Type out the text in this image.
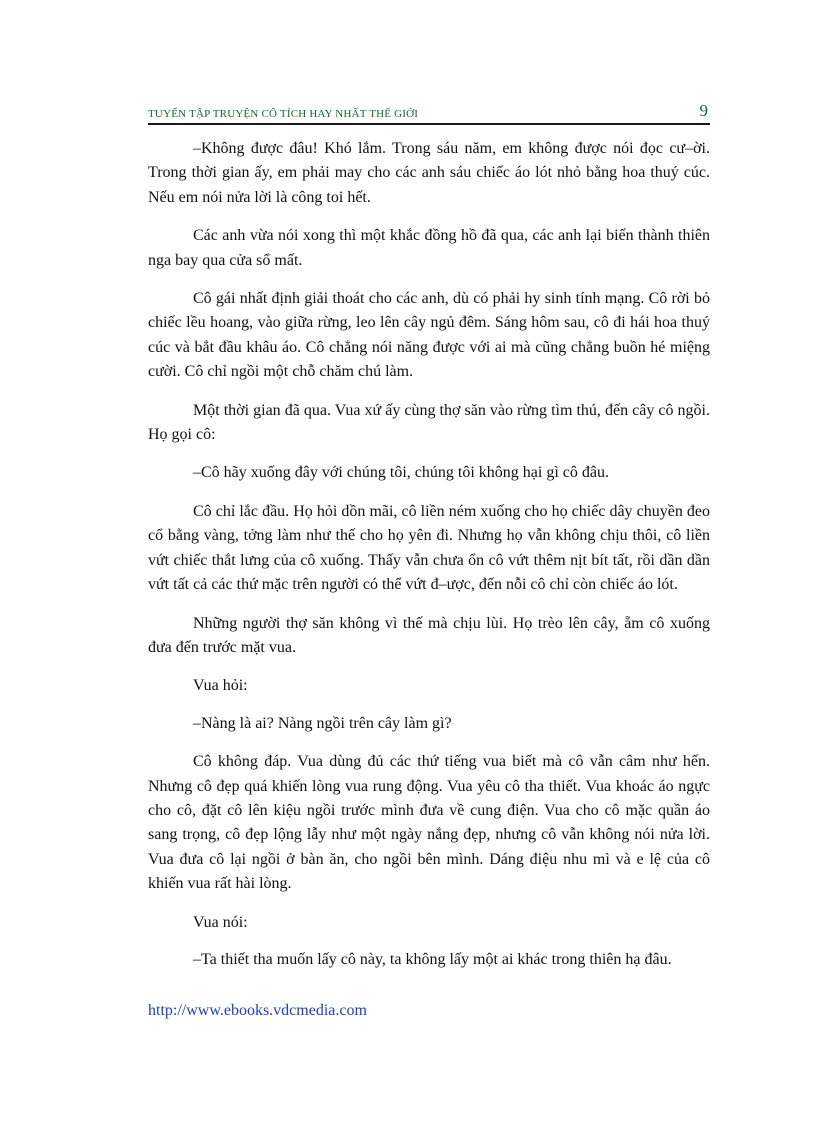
TUYỂN TẬP TRUYỆN CỔ TÍCH HAY NHẤT THẾ GIỚI	9

–Không được đâu! Khó lắm. Trong sáu năm, em không được nói đọc cư–ời. Trong thời gian ấy, em phải may cho các anh sáu chiếc áo lót nhỏ bằng hoa thuý cúc. Nếu em nói nửa lời là công toi hết.

Các anh vừa nói xong thì một khắc đồng hồ đã qua, các anh lại biến thành thiên nga bay qua cửa sổ mất.

Cô gái nhất định giải thoát cho các anh, dù có phải hy sinh tính mạng. Cô rời bỏ chiếc lều hoang, vào giữa rừng, leo lên cây ngủ đêm. Sáng hôm sau, cô đi hái hoa thuý cúc và bắt đầu khâu áo. Cô chẳng nói năng được với ai mà cũng chẳng buồn hé miệng cười. Cô chỉ ngồi một chỗ chăm chú làm.

Một thời gian đã qua. Vua xứ ấy cùng thợ săn vào rừng tìm thú, đến cây cô ngồi. Họ gọi cô:

–Cô hãy xuống đây với chúng tôi, chúng tôi không hại gì cô đâu.

Cô chỉ lắc đầu. Họ hỏi dồn mãi, cô liền ném xuống cho họ chiếc dây chuyền đeo cổ bằng vàng, tởng làm như thế cho họ yên đi. Nhưng họ vẫn không chịu thôi, cô liền vứt chiếc thắt lưng của cô xuống. Thấy vẫn chưa ổn cô vứt thêm nịt bít tất, rồi dần dần vứt tất cả các thứ mặc trên người có thể vứt đ–ược, đến nỗi cô chỉ còn chiếc áo lót.

Những người thợ săn không vì thế mà chịu lùi. Họ trèo lên cây, ẵm cô xuống đưa đến trước mặt vua.

Vua hỏi:

–Nàng là ai? Nàng ngồi trên cây làm gì?

Cô không đáp. Vua dùng đủ các thứ tiếng vua biết mà cô vẫn câm như hến. Nhưng cô đẹp quá khiến lòng vua rung động. Vua yêu cô tha thiết. Vua khoác áo ngực cho cô, đặt cô lên kiệu ngồi trước mình đưa về cung điện. Vua cho cô mặc quần áo sang trọng, cô đẹp lộng lẫy như một ngày nắng đẹp, nhưng cô vẫn không nói nửa lời. Vua đưa cô lại ngồi ở bàn ăn, cho ngồi bên mình. Dáng điệu nhu mì và e lệ của cô khiến vua rất hài lòng.

Vua nói:

–Ta thiết tha muốn lấy cô này, ta không lấy một ai khác trong thiên hạ đâu.

http://www.ebooks.vdcmedia.com
